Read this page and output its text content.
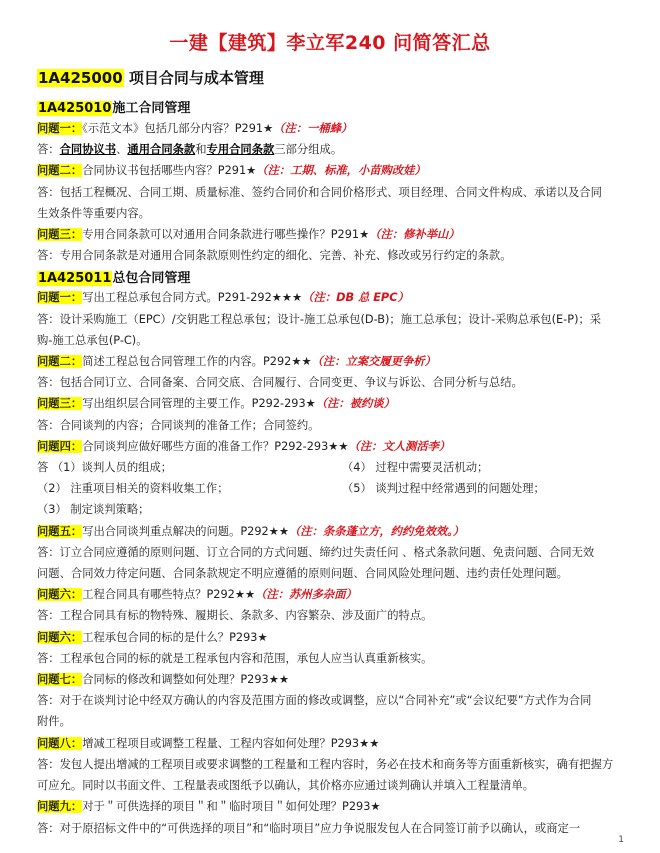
一建【建筑】李立军240 问简答汇总
1A425000 项目合同与成本管理
1A425010施工合同管理
1A425011总包合同管理
问题一：《示范文本》包括几部分内容？P291★（注：一桶蜂）
答：合同协议书、通用合同条款和专用合同条款三部分组成。
问题二：合同协议书包括哪些内容？P291★（注：工期、标准，小苗购改娃）
答：包括工程概况、合同工期、质量标准、签约合同价和合同价格形式、项目经理、合同文件构成、承诺以及合同
生效条件等重要内容。
问题三：专用合同条款可以对通用合同条款进行哪些操作？P291★（注：修补举山）
答：专用合同条款是对通用合同条款原则性约定的细化、完善、补充、修改或另行约定的条款。
问题一：写出工程总承包合同方式。P291-292★★★（注：DB 总 EPC）
答：设计采购施工（EPC）/交钥匙工程总承包；设计-施工总承包(D-B)；施工总承包；设计-采购总承包(E-P)；采
购-施工总承包(P-C)。
问题二：简述工程总包合同管理工作的内容。P292★★（注：立案交履更争析）
答：包括合同订立、合同备案、合同交底、合同履行、合同变更、争议与诉讼、合同分析与总结。
问题三：写出组织层合同管理的主要工作。P292-293★（注：被约谈）
答：合同谈判的内容；合同谈判的准备工作；合同签约。
问题四：合同谈判应做好哪些方面的准备工作？P292-293★★（注：文人测活李）
答 （1）谈判人员的组成；	（4） 过程中需要灵活机动；
（2） 注重项目相关的资料收集工作；	（5） 谈判过程中经常遇到的问题处理；
（3） 制定谈判策略；
问题五：写出合同谈判重点解决的问题。P292★★（注：条条蓬立方，约约免效效。）
答：订立合同应遵循的原则问题、订立合同的方式问题、缔约过失责任问 、格式条款问题、免责问题、合同无效
问题、合同效力待定问题、合同条款规定不明应遵循的原则问题、合同风险处理问题、违约责任处理问题。
问题六：工程合同具有哪些特点？P292★★（注：苏州多杂面）
答：工程合同具有标的物特殊、履期长、条款多、内容繁杂、涉及面广的特点。
问题六：工程承包合同的标的是什么？P293★
答：工程承包合同的标的就是工程承包内容和范围，承包人应当认真重新核实。
问题七：合同标的修改和调整如何处理？P293★★
答：对于在谈判讨论中经双方确认的内容及范围方面的修改或调整，应以“合同补充”或“会议纪要”方式作为合同
附件。
问题八：增减工程项目或调整工程量、工程内容如何处理？P293★★
答：发包人提出增减的工程项目或要求调整的工程量和工程内容时，务必在技术和商务等方面重新核实，确有把握方
可应允。同时以书面文件、工程量表或图纸予以确认，其价格亦应通过谈判确认并填入工程量清单。
问题九：对于＂可供选择的项目＂和＂临时项目＂如何处理？P293★
答：对于原招标文件中的“可供选择的项目”和“临时项目”应力争说服发包人在合同签订前予以确认，或商定一
1
